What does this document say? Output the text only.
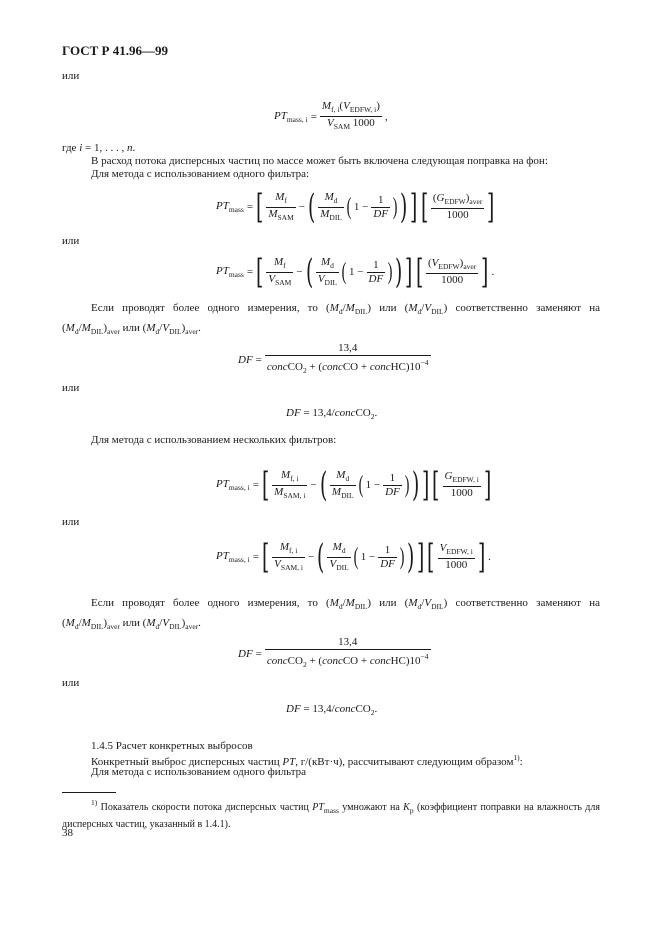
ГОСТ Р 41.96—99
или
$PT_{mass, i} = \frac{M_{f, i}(V_{EDFW, i})}{V_{SAM} 1000}$ ,
где i = 1, . . . , n.
В расход потока дисперсных частиц по массе может быть включена следующая поправка на фон:
Для метода с использованием одного фильтра:
$PT_{mass}$ = [ $\frac{M_f}{M_{SAM}}$ − ( $\frac{M_d}{M_{DIL}}$ ( $1 - \frac{1}{DF}$ ) ) ] [ $\frac{(G_{EDFW})_{aver}}{1000}$ ]
или
$PT_{mass}$ = [ $\frac{M_f}{V_{SAM}}$ − ( $\frac{M_d}{V_{DIL}}$ ( $1 - \frac{1}{DF}$ ) ) ] [ $\frac{(V_{EDFW})_{aver}}{1000}$ ] .
Если проводят более одного измерения, то $(M_d/M_{DIL})$ или $(M_d/V_{DIL})$ соответственно заменяют на
$(M_d/M_{DIL})_{aver}$ или $(M_d/V_{DIL})_{aver}$.
DF = $\frac{13,4}{concCO_2 + (concCO + concHC)10^{-4}}$
или
DF = 13,4/concCO$_2$.
Для метода с использованием нескольких фильтров:
$PT_{mass, i}$ = [ $\frac{M_{f, i}}{M_{SAM, i}}$ − ( $\frac{M_d}{M_{DIL}}$ ( $1 - \frac{1}{DF}$ ) ) ] [ $\frac{G_{EDFW, i}}{1000}$ ]
или
$PT_{mass, i}$ = [ $\frac{M_{f, i}}{V_{SAM, i}}$ − ( $\frac{M_d}{V_{DIL}}$ ( $1 - \frac{1}{DF}$ ) ) ] [ $\frac{V_{EDFW, i}}{1000}$ ] .
Если проводят более одного измерения, то $(M_d/M_{DIL})$ или $(M_d/V_{DIL})$ соответственно заменяют на
$(M_d/M_{DIL})_{aver}$ или $(M_d/V_{DIL})_{aver}$.
DF = $\frac{13,4}{concCO_2 + (concCO + concHC)10^{-4}}$
или
DF = 13,4/concCO$_2$.
1.4.5 Расчет конкретных выбросов
Конкретный выброс дисперсных частиц PT, г/(кВт·ч), рассчитывают следующим образом$^{1)}$:
Для метода с использованием одного фильтра
$^{1)}$ Показатель скорости потока дисперсных частиц $PT_{mass}$ умножают на $K_p$ (коэффициент поправки на влажность для дисперсных частиц, указанный в 1.4.1).
38
